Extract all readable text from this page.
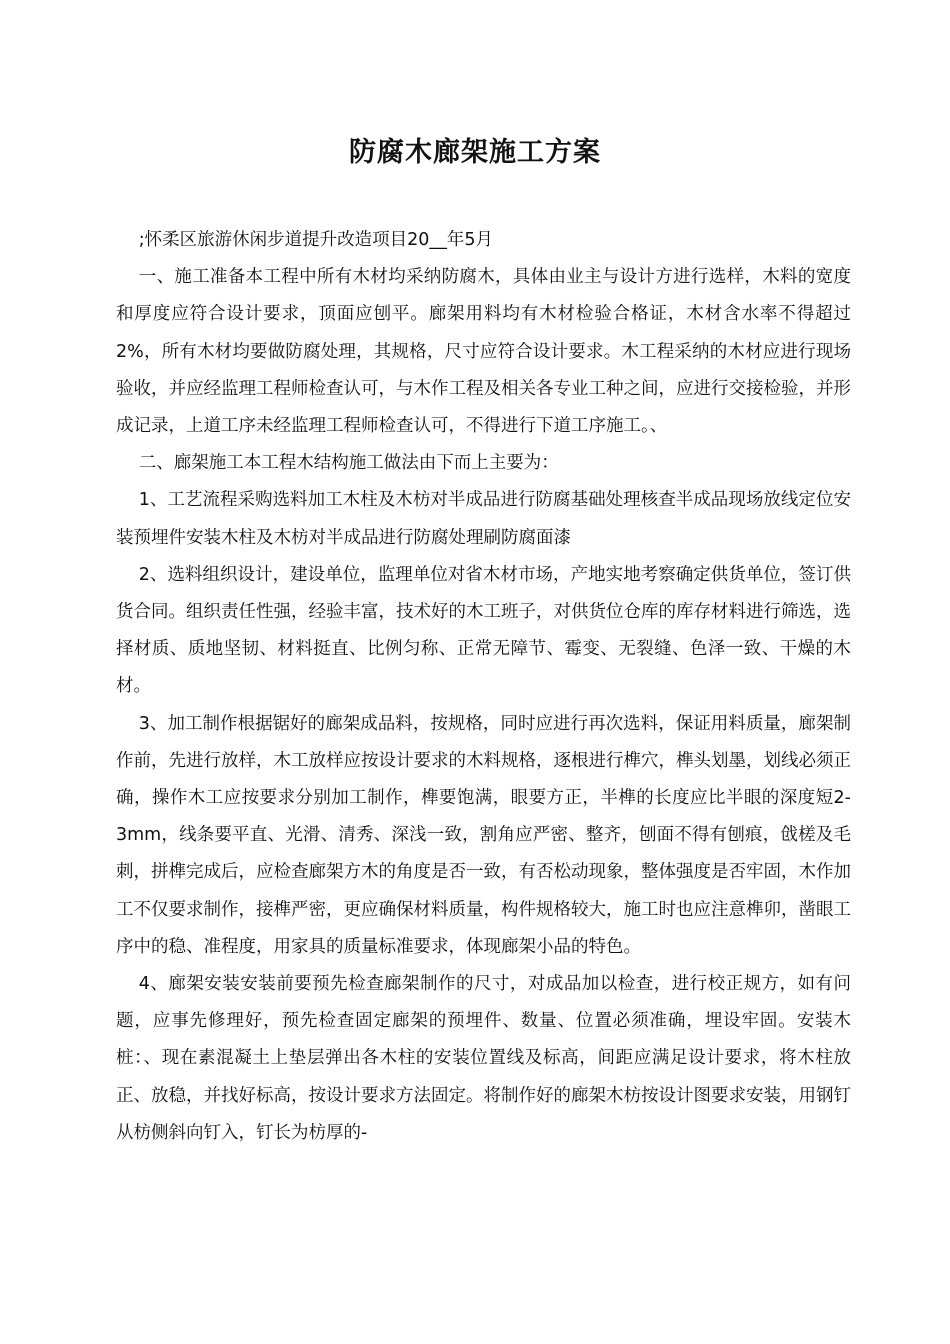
防腐木廊架施工方案

;怀柔区旅游休闲步道提升改造项目20__年5月

一、施工准备本工程中所有木材均采纳防腐木，具体由业主与设计方进行选样，木料的宽度和厚度应符合设计要求，顶面应刨平。廊架用料均有木材检验合格证，木材含水率不得超过2%，所有木材均要做防腐处理，其规格，尺寸应符合设计要求。木工程采纳的木材应进行现场验收，并应经监理工程师检查认可，与木作工程及相关各专业工种之间，应进行交接检验，并形成记录，上道工序未经监理工程师检查认可，不得进行下道工序施工。、

二、廊架施工本工程木结构施工做法由下而上主要为：

1、工艺流程采购选料加工木柱及木枋对半成品进行防腐基础处理核查半成品现场放线定位安装预埋件安装木柱及木枋对半成品进行防腐处理刷防腐面漆

2、选料组织设计，建设单位，监理单位对省木材市场，产地实地考察确定供货单位，签订供货合同。组织责任性强，经验丰富，技术好的木工班子，对供货位仓库的库存材料进行筛选，选择材质、质地坚韧、材料挺直、比例匀称、正常无障节、霉变、无裂缝、色泽一致、干燥的木材。

3、加工制作根据锯好的廊架成品料，按规格，同时应进行再次选料，保证用料质量，廊架制作前，先进行放样，木工放样应按设计要求的木料规格，逐根进行榫穴，榫头划墨，划线必须正确，操作木工应按要求分别加工制作，榫要饱满，眼要方正，半榫的长度应比半眼的深度短2-3mm，线条要平直、光滑、清秀、深浅一致，割角应严密、整齐，刨面不得有刨痕，戗槎及毛刺，拼榫完成后，应检查廊架方木的角度是否一致，有否松动现象，整体强度是否牢固，木作加工不仅要求制作，接榫严密，更应确保材料质量，构件规格较大，施工时也应注意榫卯，凿眼工序中的稳、准程度，用家具的质量标准要求，体现廊架小品的特色。

4、廊架安装安装前要预先检查廊架制作的尺寸，对成品加以检查，进行校正规方，如有问题，应事先修理好，预先检查固定廊架的预埋件、数量、位置必须准确，埋设牢固。安装木桩：、现在素混凝土上垫层弹出各木柱的安装位置线及标高，间距应满足设计要求，将木柱放正、放稳，并找好标高，按设计要求方法固定。将制作好的廊架木枋按设计图要求安装，用钢钉从枋侧斜向钉入，钉长为枋厚的-
